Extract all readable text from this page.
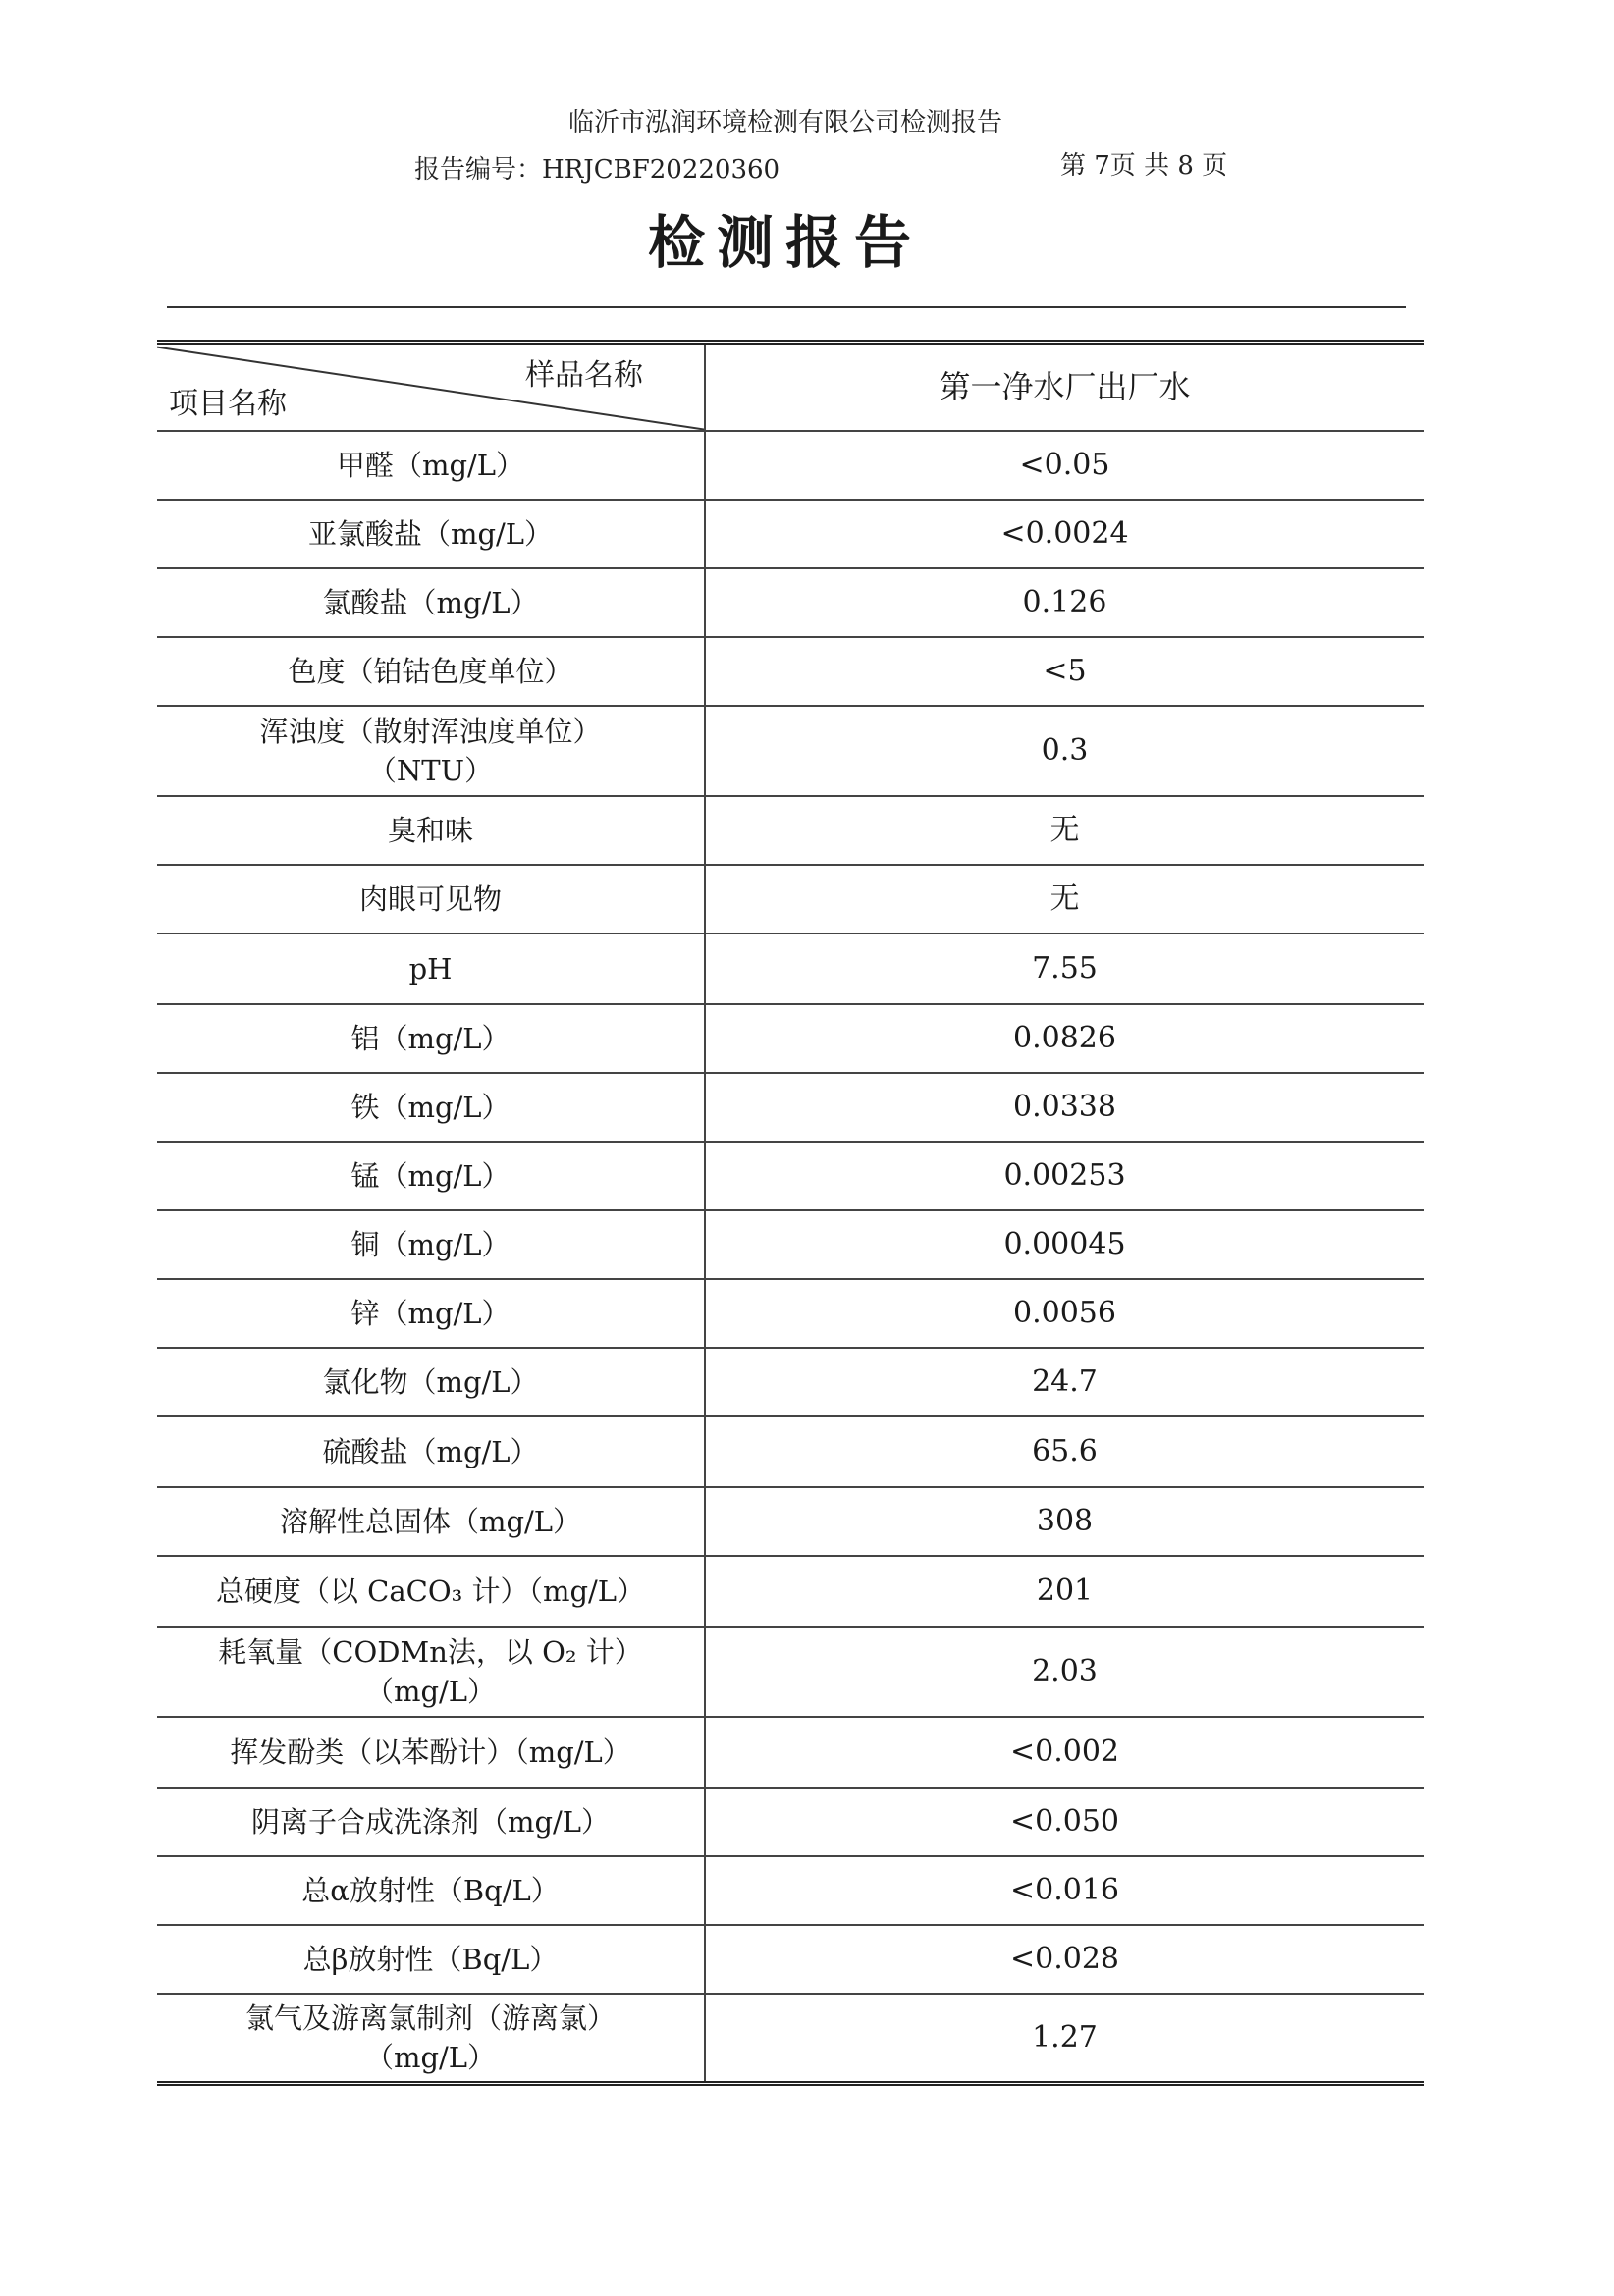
临沂市泓润环境检测有限公司检测报告
报告编号：HRJCBF20220360	第 7页 共 8 页
检测报告
样品名称
项目名称	第一净水厂出厂水

甲醛（mg/L）	<0.05

亚氯酸盐（mg/L）	<0.0024

氯酸盐（mg/L）	0.126

色度（铂钴色度单位）	<5

浑浊度（散射浑浊度单位）
（NTU）	0.3

臭和味	无

肉眼可见物	无

pH	7.55

铝（mg/L）	0.0826

铁（mg/L）	0.0338

锰（mg/L）	0.00253

铜（mg/L）	0.00045

锌（mg/L）	0.0056

氯化物（mg/L）	24.7

硫酸盐（mg/L）	65.6

溶解性总固体（mg/L）	308

总硬度（以 CaCO₃ 计）（mg/L）	201

耗氧量（CODMn法，以 O₂ 计）
（mg/L）	2.03

挥发酚类（以苯酚计）（mg/L）	<0.002

阴离子合成洗涤剂（mg/L）	<0.050

总α放射性（Bq/L）	<0.016

总β放射性（Bq/L）	<0.028

氯气及游离氯制剂（游离氯）
（mg/L）	1.27
